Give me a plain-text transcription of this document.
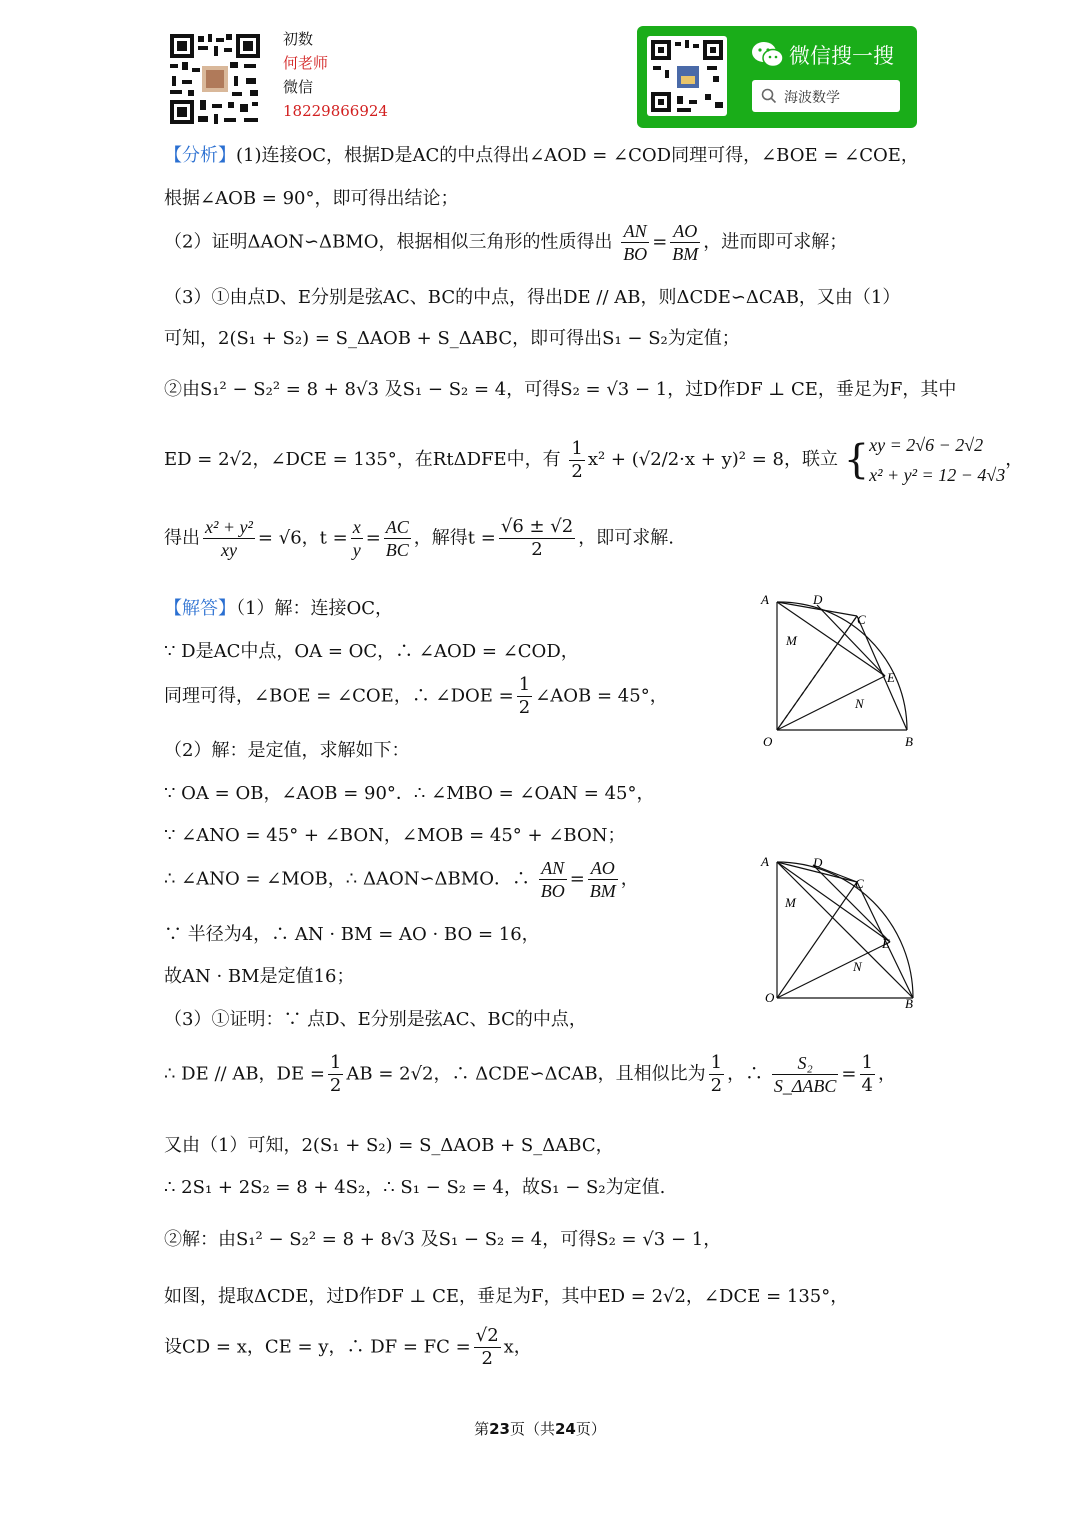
初数
何老师
微信
18229866924
微信搜一搜
海波数学
【分析】(1)连接OC，根据D是AC的中点得出∠AOD = ∠COD同理可得，∠BOE = ∠COE，
根据∠AOB = 90°，即可得出结论；
（2）证明ΔAON∽ΔBMO，根据相似三角形的性质得出 $\frac{AN}{BO} = \frac{AO}{BM}$ ，进而即可求解；
（3）①由点D、E分别是弦AC、BC的中点，得出DE // AB，则ΔCDE∽ΔCAB，又由（1）
可知，2(S₁ + S₂) = S_ΔAOB + S_ΔABC，即可得出S₁ − S₂为定值；
②由S₁² − S₂² = 8 + 8√3 及S₁ − S₂ = 4，可得S₂ = √3 − 1，过D作DF ⊥ CE，垂足为F，其中
ED = 2√2，∠DCE = 135°，在RtΔDFE中，有 $\frac{1}{2} x^2 + (√2/2\cdot x + y)^2 = 8$，联立 { xy = 2√6 − 2√2
x² + y² = 12 − 4√3
，
得出 $\frac{\text{x² + y²}}{xy} = √6$，$t = \frac{x}{y} = \frac{AC}{BC}$ ，解得$t = \frac{√6 \pm √2}{2}$ ，即可求解.
【解答】（1）解：连接OC，
∵ D是AC中点，OA = OC，∴ ∠AOD = ∠COD，
同理可得，∠BOE = ∠COE，∴ ∠DOE = $\frac{1}{2}$ ∠AOB = 45°，
（2）解：是定值，求解如下：
∵ OA = OB，∠AOB = 90°．∴ ∠MBO = ∠OAN = 45°，
∵ ∠ANO = 45° + ∠BON，∠MOB = 45° + ∠BON；
∴ ∠ANO = ∠MOB，∴ ΔAON∽ΔBMO．∴ $\frac{AN}{BO} = \frac{AO}{BM}$ ，
∵ 半径为4，∴ AN · BM = AO · BO = 16，
故AN · BM是定值16；
（3）①证明：∵ 点D、E分别是弦AC、BC的中点，
∴ DE // AB，DE = $\frac{1}{2}$ AB = 2√2，∴ ΔCDE∽ΔCAB，且相似比为 $\frac{1}{2}$ ，∴ $\frac{\text{S₂}}{\text{S\_ΔABC}} = \frac{1}{4}$ ，
又由（1）可知，2(S₁ + S₂) = S_ΔAOB + S_ΔABC，
∴ 2S₁ + 2S₂ = 8 + 4S₂，∴ S₁ − S₂ = 4，故S₁ − S₂为定值.
②解：由S₁² − S₂² = 8 + 8√3 及S₁ − S₂ = 4，可得S₂ = √3 − 1，
如图，提取ΔCDE，过D作DF ⊥ CE，垂足为F，其中ED = 2√2，∠DCE = 135°，
设CD = x，CE = y，∴ DF = FC = $\frac{√2}{2}$ x，
A	D
C
M
E
N
O	B
A	D
C
M
E
N
O	B
第23页（共24页）
